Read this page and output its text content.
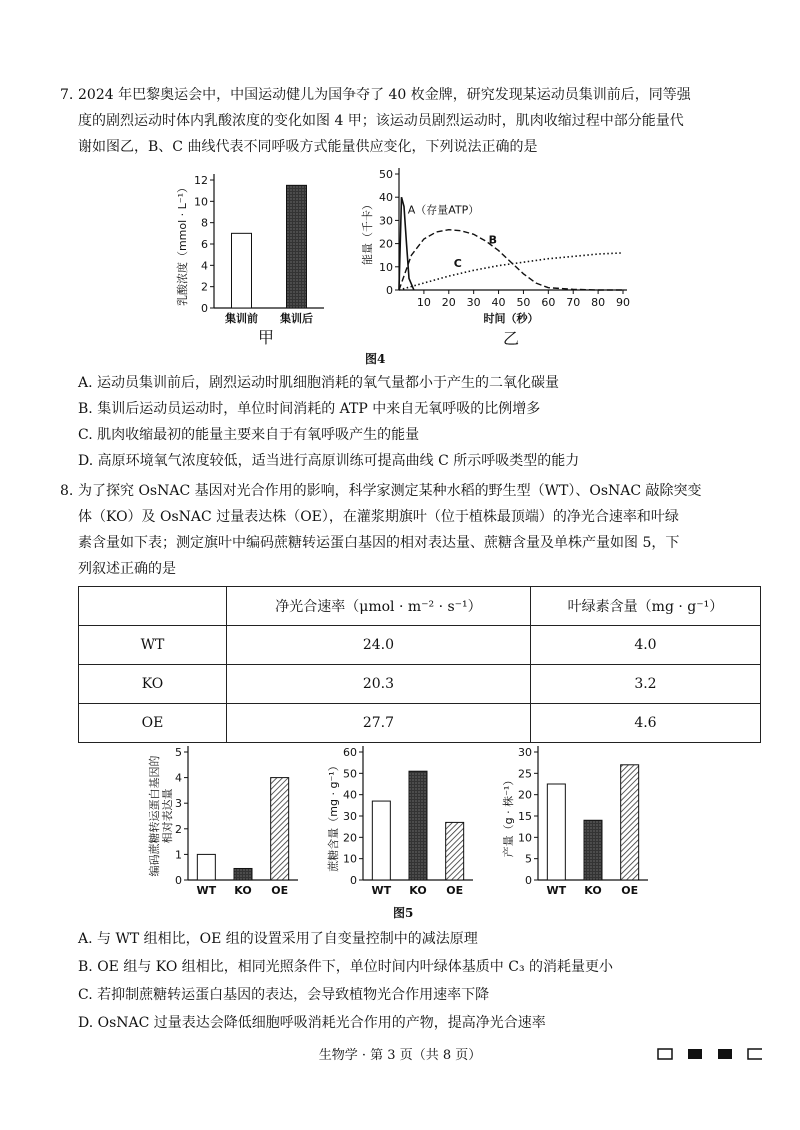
7. 2024 年巴黎奥运会中，中国运动健儿为国争夺了 40 枚金牌，研究发现某运动员集训前后，同等强

度的剧烈运动时体内乳酸浓度的变化如图 4 甲；该运动员剧烈运动时，肌肉收缩过程中部分能量代

谢如图乙，B、C 曲线代表不同呼吸方式能量供应变化，下列说法正确的是

0
2
4
6
8
10
12
集训前 集训后
乳酸浓度（mmol · L⁻¹）
甲
0
10
20
30
40
50
10 20 30 40 50 60 70 80 90
时间（秒）
能量（千卡）	A（存量ATP）
B
C
乙
图4
A. 运动员集训前后，剧烈运动时肌细胞消耗的氧气量都小于产生的二氧化碳量
B. 集训后运动员运动时，单位时间消耗的 ATP 中来自无氧呼吸的比例增多
C. 肌肉收缩最初的能量主要来自于有氧呼吸产生的能量
D. 高原环境氧气浓度较低，适当进行高原训练可提高曲线 C 所示呼吸类型的能力
8. 为了探究 OsNAC 基因对光合作用的影响，科学家测定某种水稻的野生型（WT）、OsNAC 敲除突变

体（KO）及 OsNAC 过量表达株（OE），在灌浆期旗叶（位于植株最顶端）的净光合速率和叶绿

素含量如下表；测定旗叶中编码蔗糖转运蛋白基因的相对表达量、蔗糖含量及单株产量如图 5，下

列叙述正确的是

	净光合速率（μmol · m⁻² · s⁻¹）	叶绿素含量（mg · g⁻¹）
WT	24.0	4.0
KO	20.3	3.2
OE	27.7	4.6
0
1
2
3
4
5
WT KO OE
编码蔗糖转运蛋白基因的 相对表达量
0
10
20
30
40
50
60
WT KO OE
蔗糖含量（mg · g⁻¹）
0
5
10
15
20
25
30
WT KO OE
产量（g · 株⁻¹）
图5
A. 与 WT 组相比，OE 组的设置采用了自变量控制中的减法原理
B. OE 组与 KO 组相比，相同光照条件下，单位时间内叶绿体基质中 C₃ 的消耗量更小
C. 若抑制蔗糖转运蛋白基因的表达，会导致植物光合作用速率下降
D. OsNAC 过量表达会降低细胞呼吸消耗光合作用的产物，提高净光合速率
生物学 · 第 3 页（共 8 页）
